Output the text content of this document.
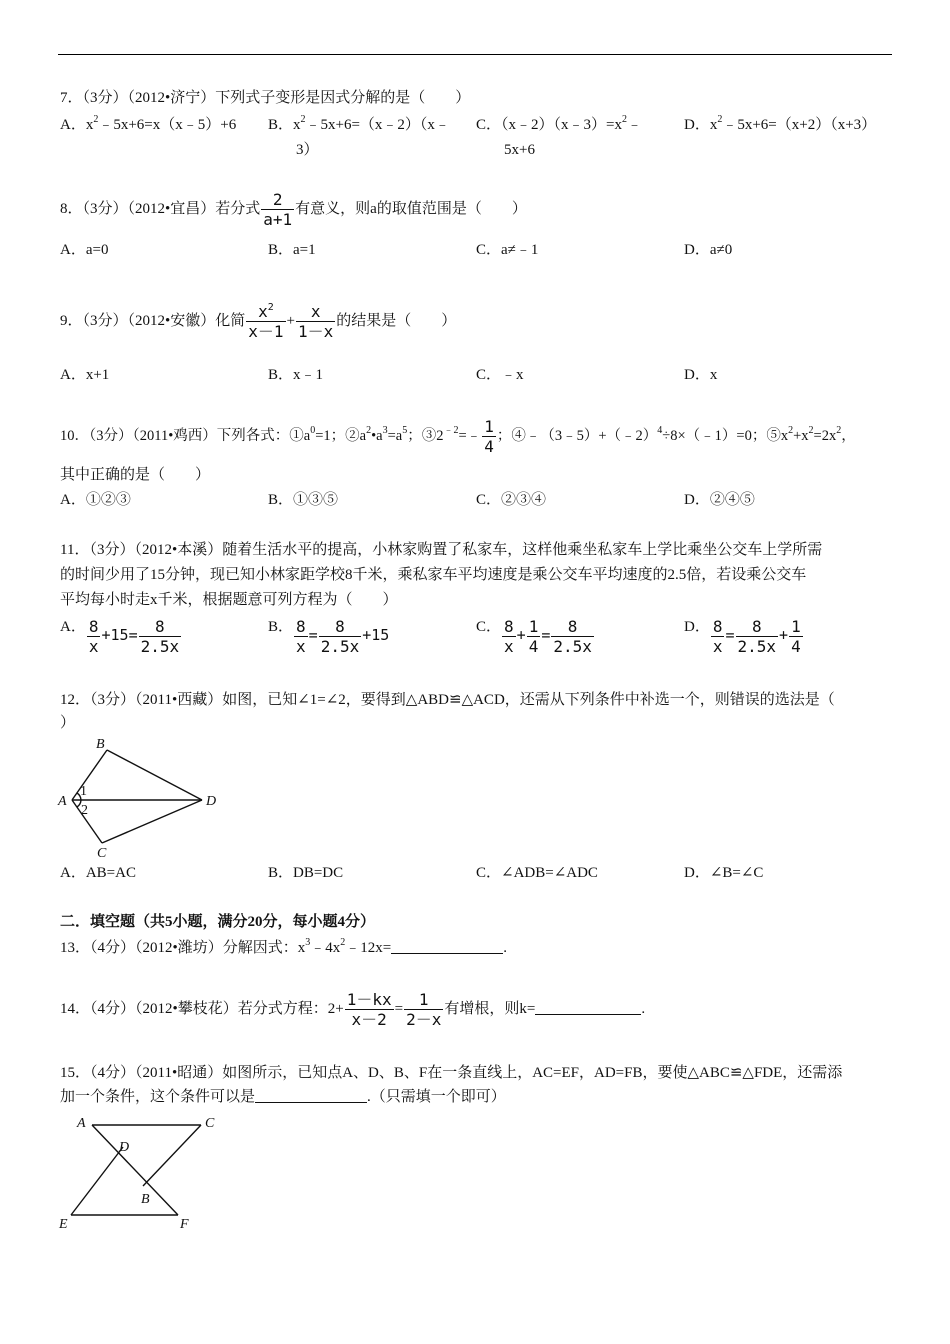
7．（3分）（2012•济宁）下列式子变形是因式分解的是（　　）
A．$x^2﹣5x+6=x(x﹣5)+6$ B．$x^2﹣5x+6=(x﹣2)(x﹣$
3）
C．$(x﹣2)(x﹣3)=x^2﹣$
5x+6
D．$x^2﹣5x+6=(x+2)(x+3)$
8．（3分）（2012•宜昌）若分式 $\frac{2}{a+1}$ 有意义，则a的取值范围是（　　）
A．a=0	B．a=1	C．a≠﹣1	D．a≠0
9．（3分）（2012•安徽）化简 $\frac{x^2}{x-1} + \frac{x}{1-x}$ 的结果是（　　）
A．x+1	B．x﹣1	C．﹣x	D．x
10．（3分）（2011•鸡西）下列各式：$①a^0=1$；$②a^2•a^3=a^5$；$③2^{﹣2}=﹣ \frac{1}{4}$ ；④﹣（3﹣5）+（﹣2）$^4$÷8×（﹣1）=0；$⑤x^2+x^2=2x^2$，
其中正确的是（　　）
A．①②③	B．①③⑤	C．②③④	D．②④⑤
11．（3分）（2012•本溪）随着生活水平的提高，小林家购置了私家车，这样他乘坐私家车上学比乘坐公交车上学所需
的时间少用了15分钟，现已知小林家距学校8千米，乘私家车平均速度是乘公交车平均速度的2.5倍，若设乘公交车
平均每小时走x千米，根据题意可列方程为（　　）
A． $\frac{8}{x} +15= \frac{8}{2.5x}$	B． $\frac{8}{x} = \frac{8}{2.5x} +15$	C． $\frac{8}{x} + \frac{1}{4} = \frac{8}{2.5x}$	D． $\frac{8}{x} = \frac{8}{2.5x} + \frac{1}{4}$
12．（3分）（2011•西藏）如图，已知∠1=∠2，要得到△ABD≌△ACD，还需从下列条件中补选一个，则错误的选法是（
）
B
A
1
2
D
C
A．AB=AC	B．DB=DC	C．∠ADB=∠ADC	D．∠B=∠C
二．填空题（共5小题，满分20分，每小题4分）
13．（4分）（2012•潍坊）分解因式：$x^3﹣4x^2﹣12x=$	.
14．（4分）（2012•攀枝花）若分式方程：$2+ \frac{1-kx}{x-2} = \frac{1}{2-x}$ 有增根，则k=	.
15．（4分）（2011•昭通）如图所示，已知点A、D、B、F在一条直线上，AC=EF，AD=FB，要使△ABC≌△FDE，还需添
加一个条件，这个条件可以是	.（只需填一个即可）
A	C
D
B
E	F
